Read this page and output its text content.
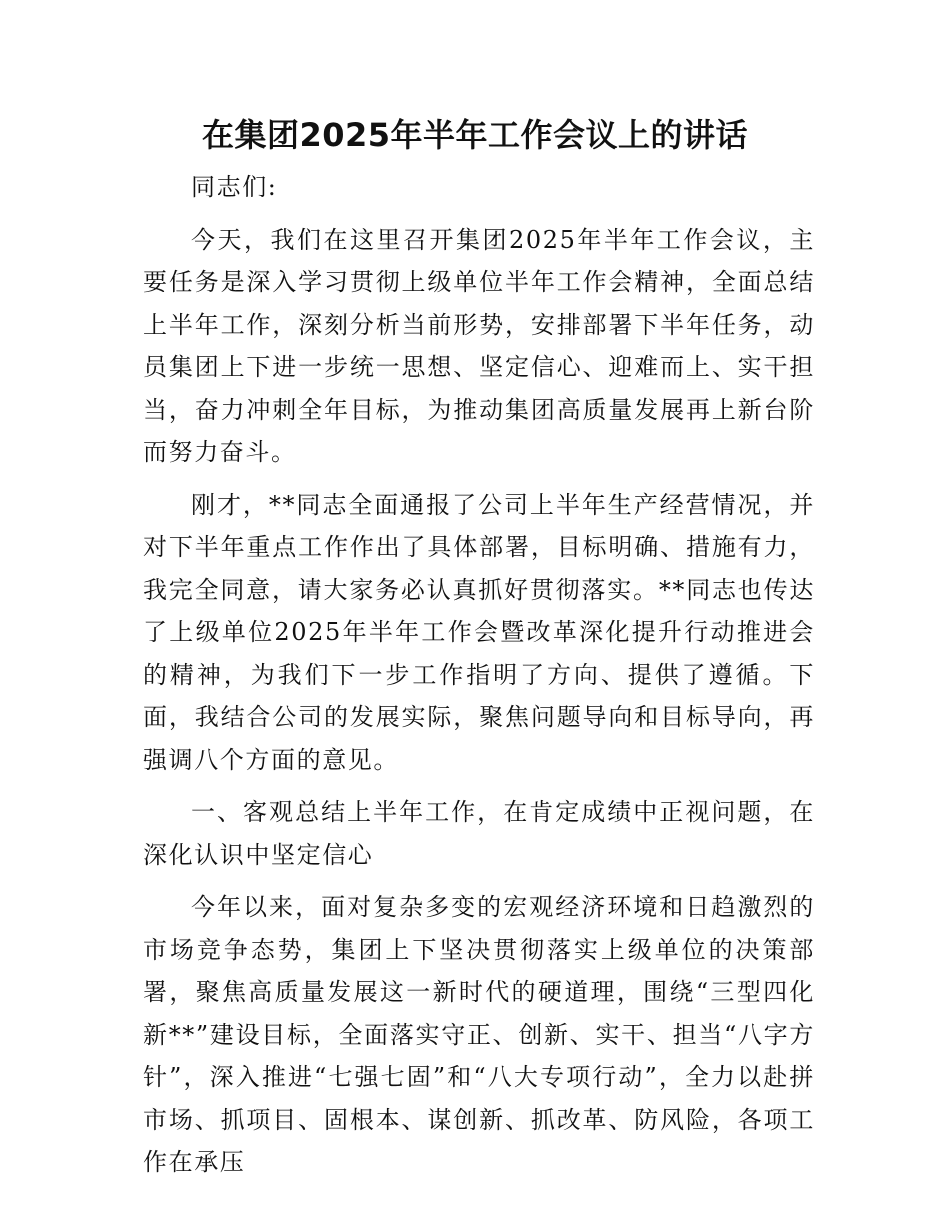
在集团2025年半年工作会议上的讲话

同志们:

今天，我们在这里召开集团2025年半年工作会议，主要任务是深入学习贯彻上级单位半年工作会精神，全面总结上半年工作，深刻分析当前形势，安排部署下半年任务，动员集团上下进一步统一思想、坚定信心、迎难而上、实干担当，奋力冲刺全年目标，为推动集团高质量发展再上新台阶而努力奋斗。

刚才，**同志全面通报了公司上半年生产经营情况，并对下半年重点工作作出了具体部署，目标明确、措施有力，我完全同意，请大家务必认真抓好贯彻落实。**同志也传达了上级单位2025年半年工作会暨改革深化提升行动推进会的精神，为我们下一步工作指明了方向、提供了遵循。下面，我结合公司的发展实际，聚焦问题导向和目标导向，再强调八个方面的意见。

一、客观总结上半年工作，在肯定成绩中正视问题，在深化认识中坚定信心

今年以来，面对复杂多变的宏观经济环境和日趋激烈的市场竞争态势，集团上下坚决贯彻落实上级单位的决策部署，聚焦高质量发展这一新时代的硬道理，围绕“三型四化新**”建设目标，全面落实守正、创新、实干、担当“八字方针”，深入推进“七强七固”和“八大专项行动”，全力以赴拼市场、抓项目、固根本、谋创新、抓改革、防风险，各项工作在承压
